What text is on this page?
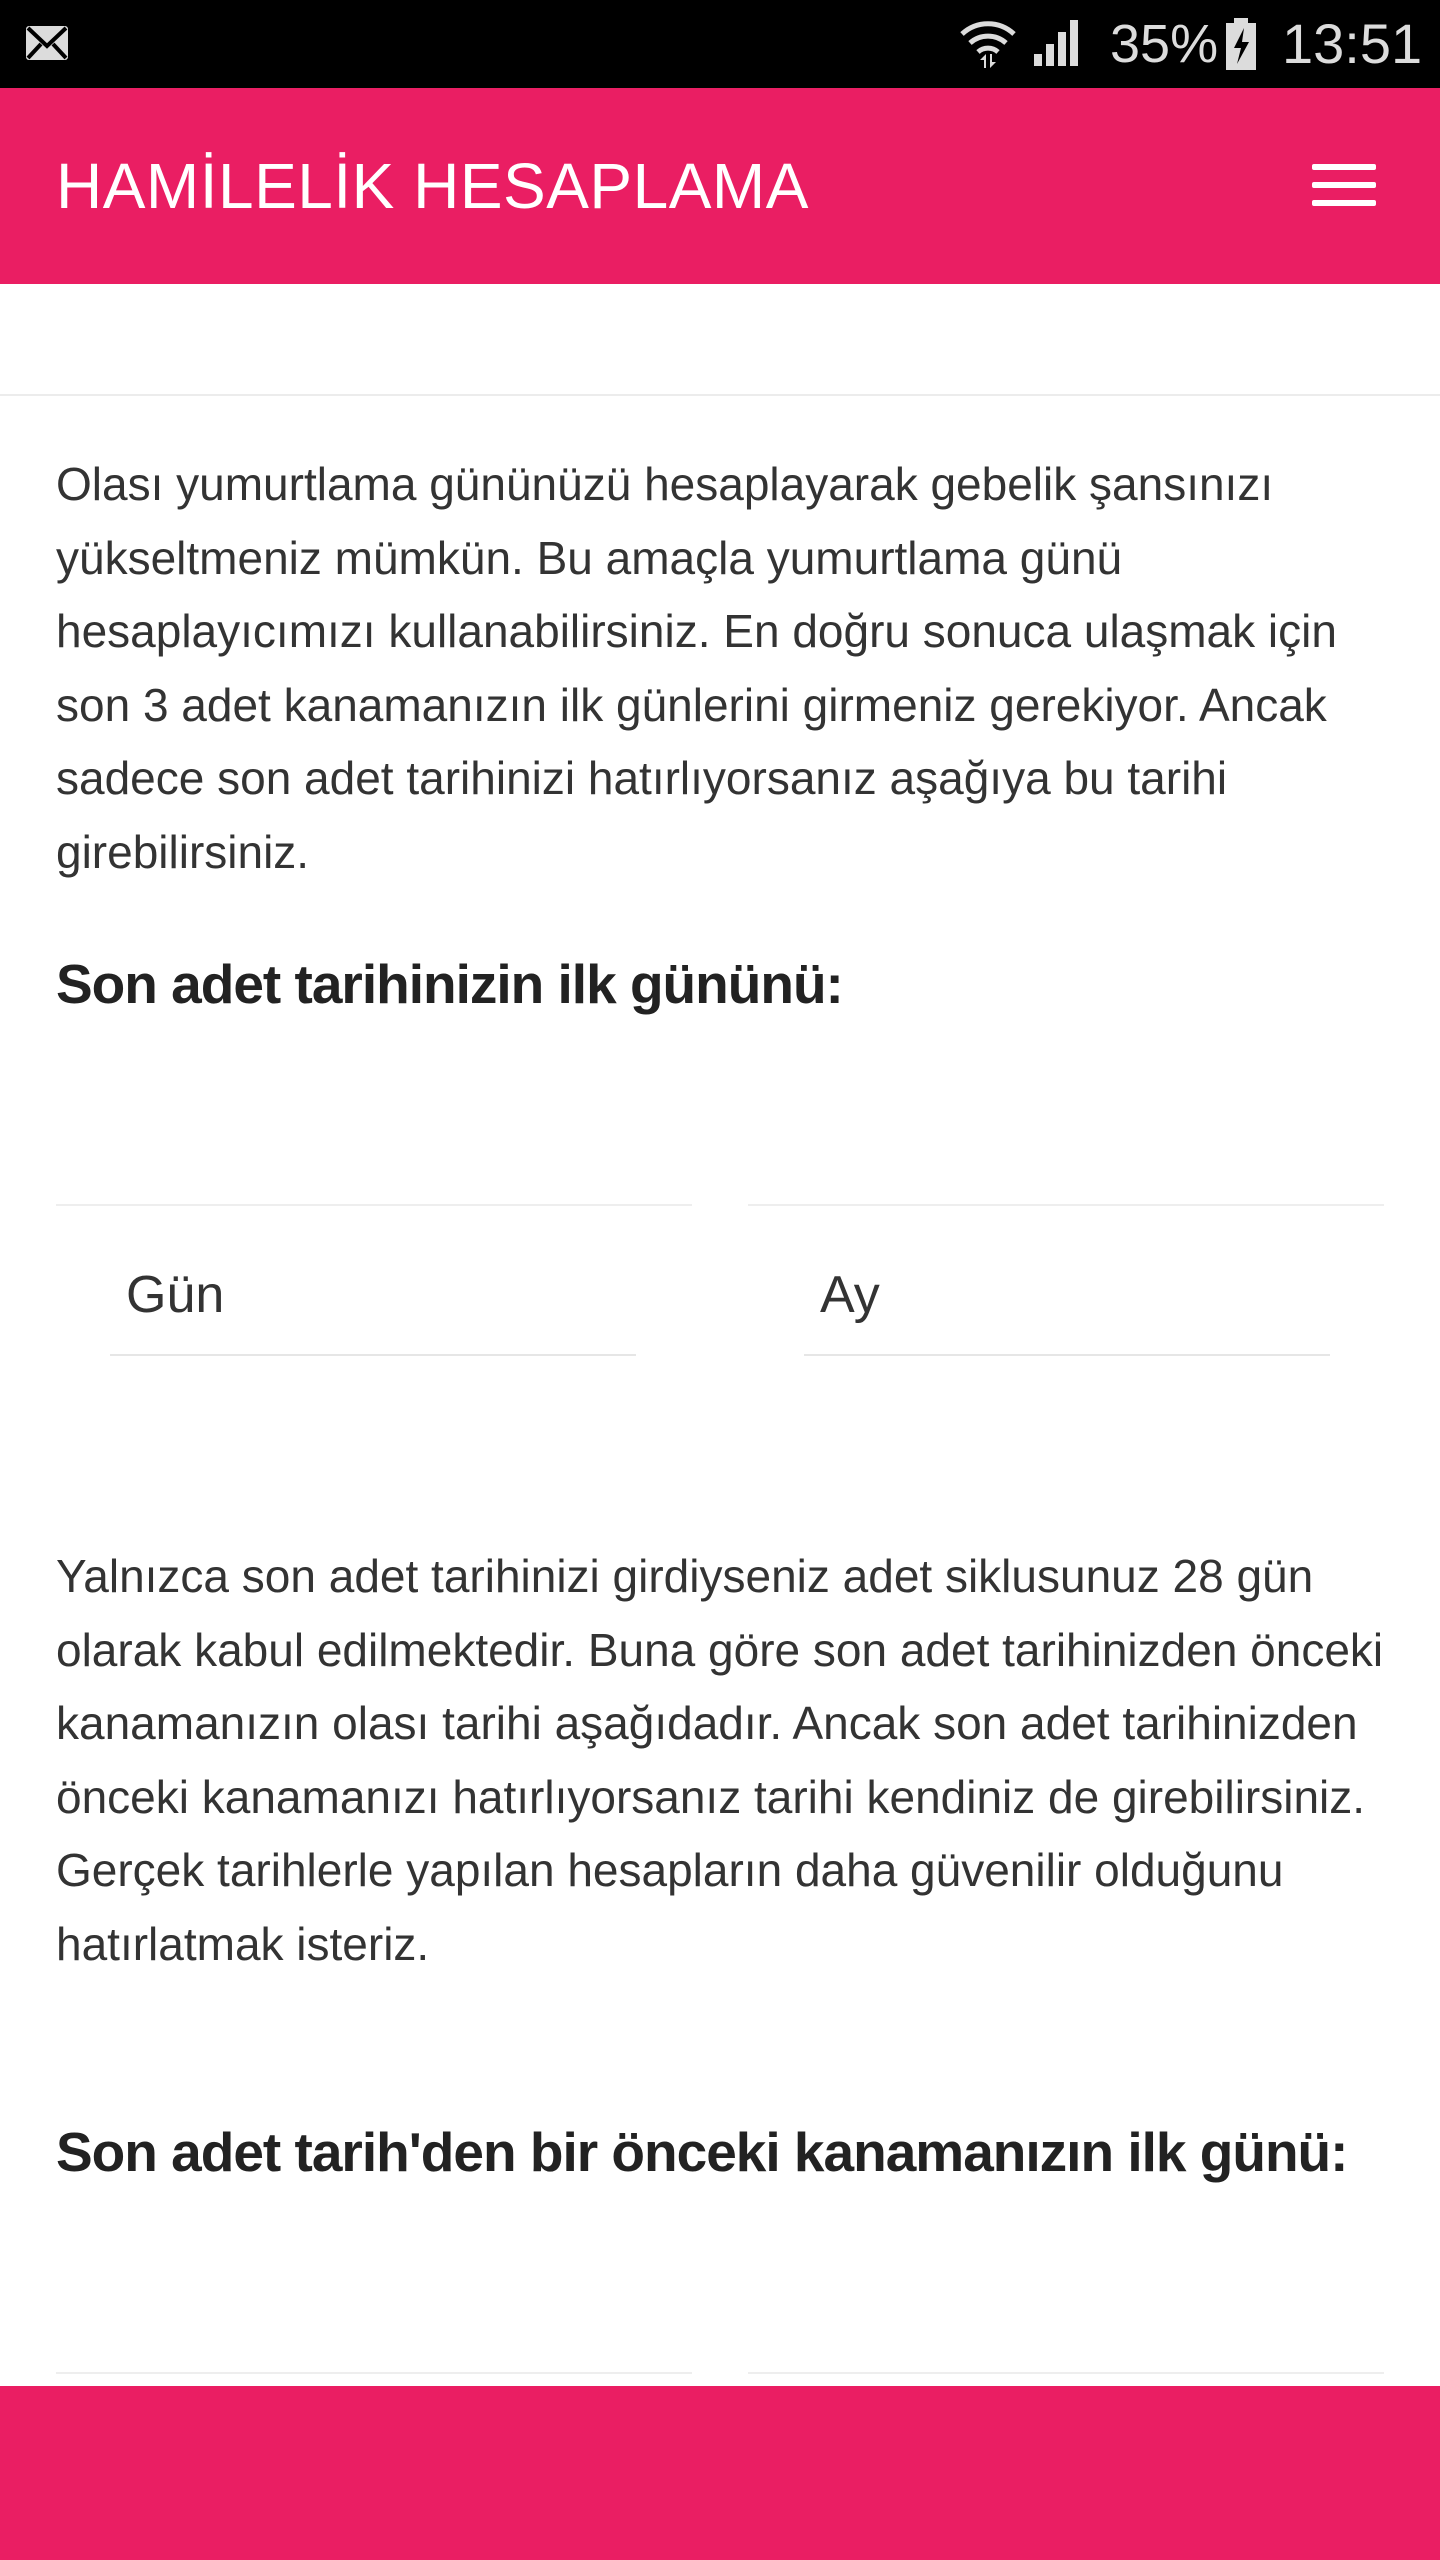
35% 13:51
HAMİLELİK HESAPLAMA

Olası yumurtlama gününüzü hesaplayarak gebelik şansınızı yükseltmeniz mümkün. Bu amaçla yumurtlama günü hesaplayıcımızı kullanabilirsiniz. En doğru sonuca ulaşmak için son 3 adet kanamanızın ilk günlerini girmeniz gerekiyor. Ancak sadece son adet tarihinizi hatırlıyorsanız aşağıya bu tarihi girebilirsiniz.

Son adet tarihinizin ilk gününü:
Gün	Ay

Yalnızca son adet tarihinizi girdiyseniz adet siklusunuz 28 gün olarak kabul edilmektedir. Buna göre son adet tarihinizden önceki kanamanızın olası tarihi aşağıdadır. Ancak son adet tarihinizden önceki kanamanızı hatırlıyorsanız tarihi kendiniz de girebilirsiniz. Gerçek tarihlerle yapılan hesapların daha güvenilir olduğunu hatırlatmak isteriz.

Son adet tarih'den bir önceki kanamanızın ilk günü:
